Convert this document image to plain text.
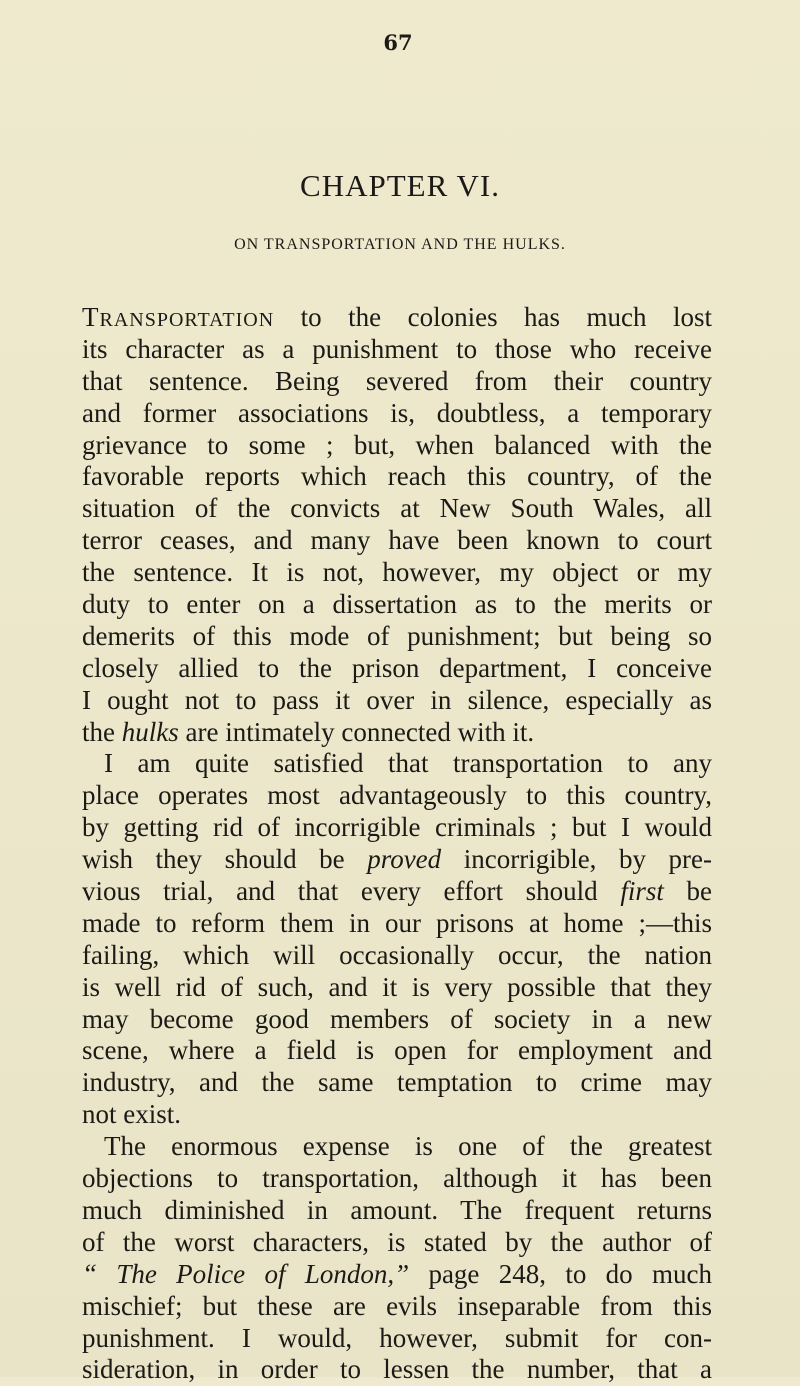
67
CHAPTER VI.
ON TRANSPORTATION AND THE HULKS.
TRANSPORTATION to the colonies has much lost
its character as a punishment to those who receive
that sentence. Being severed from their country
and former associations is, doubtless, a temporary
grievance to some ; but, when balanced with the
favorable reports which reach this country, of the
situation of the convicts at New South Wales, all
terror ceases, and many have been known to court
the sentence. It is not, however, my object or my
duty to enter on a dissertation as to the merits or
demerits of this mode of punishment; but being so
closely allied to the prison department, I conceive
I ought not to pass it over in silence, especially as
the hulks are intimately connected with it.
I am quite satisfied that transportation to any
place operates most advantageously to this country,
by getting rid of incorrigible criminals ; but I would
wish they should be proved incorrigible, by pre-
vious trial, and that every effort should first be
made to reform them in our prisons at home ;—this
failing, which will occasionally occur, the nation
is well rid of such, and it is very possible that they
may become good members of society in a new
scene, where a field is open for employment and
industry, and the same temptation to crime may
not exist.
The enormous expense is one of the greatest
objections to transportation, although it has been
much diminished in amount. The frequent returns
of the worst characters, is stated by the author of
“ The Police of London,” page 248, to do much
mischief; but these are evils inseparable from this
punishment. I would, however, submit for con-
sideration, in order to lessen the number, that a
